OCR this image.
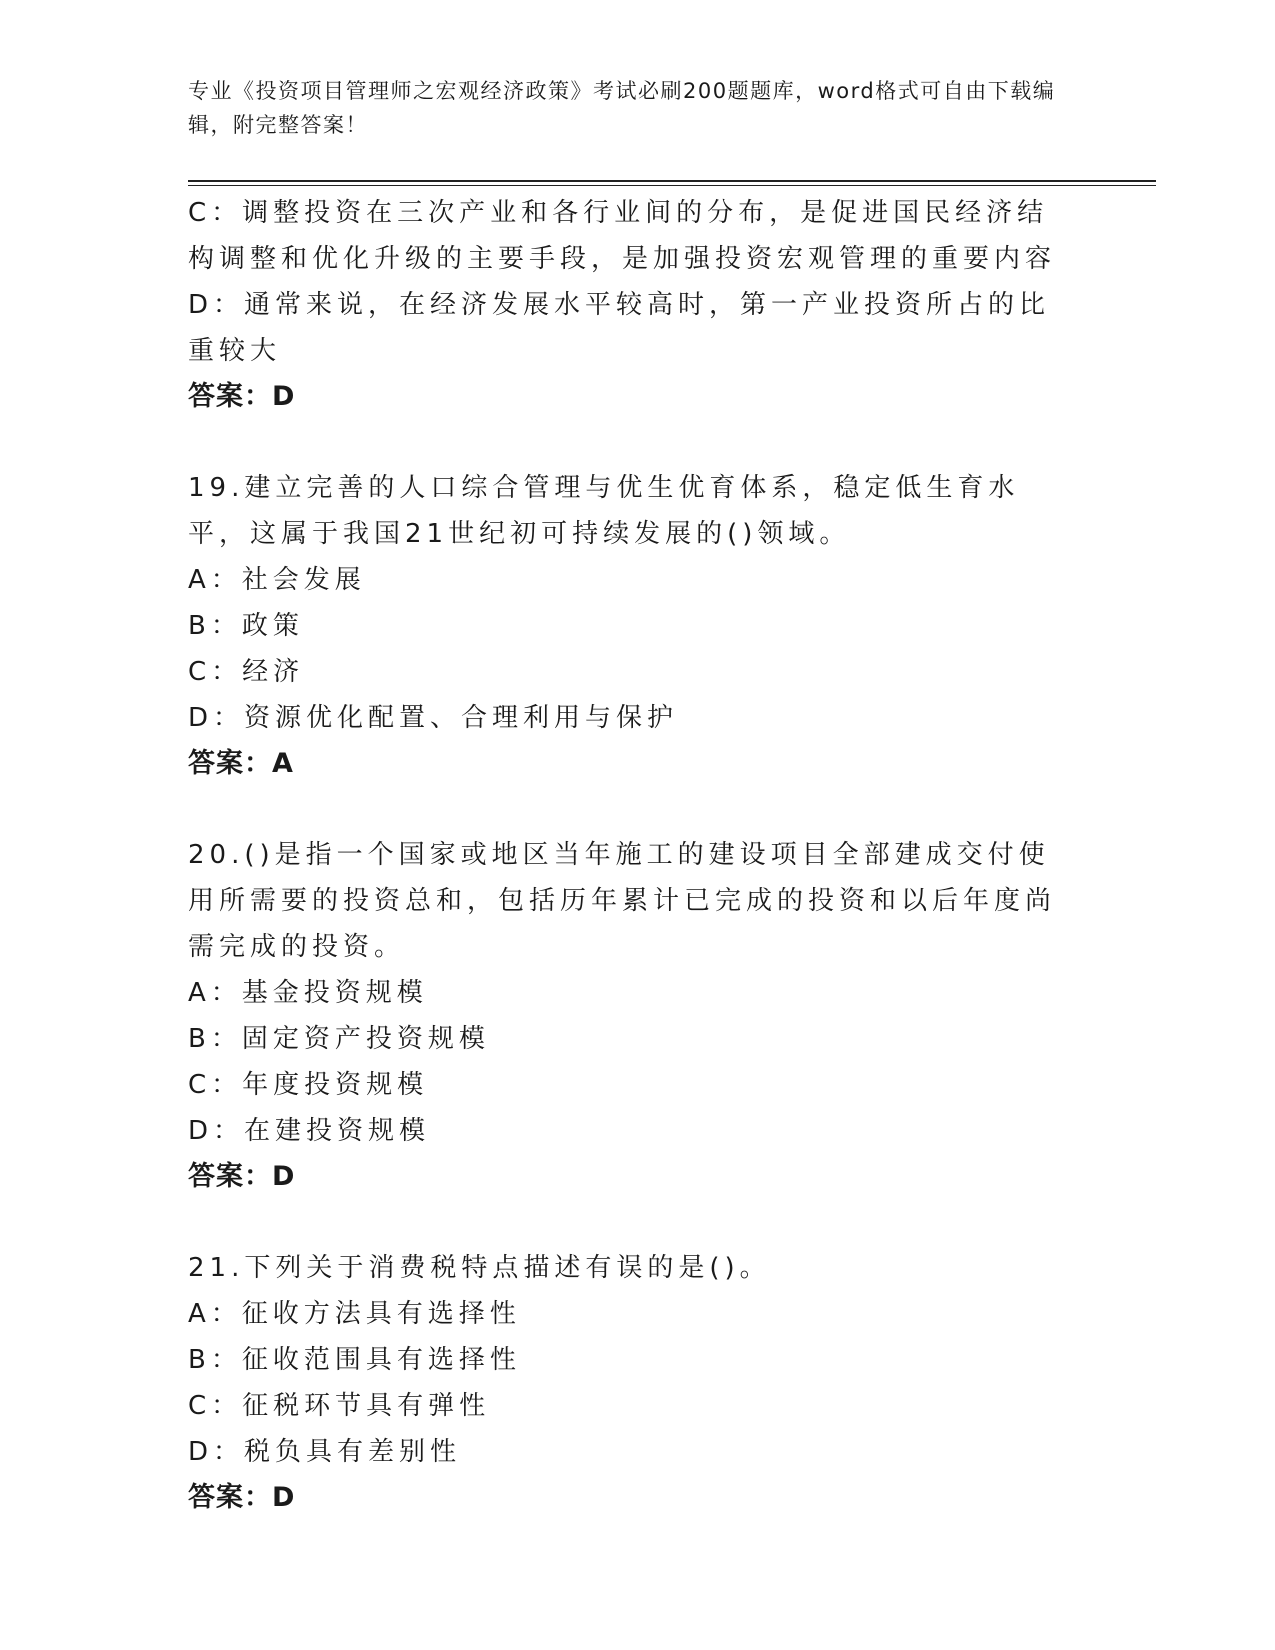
专业《投资项目管理师之宏观经济政策》考试必刷200题题库，word格式可自由下载编辑，附完整答案！
C：调整投资在三次产业和各行业间的分布，是促进国民经济结构调整和优化升级的主要手段，是加强投资宏观管理的重要内容
D：通常来说，在经济发展水平较高时，第一产业投资所占的比重较大
答案：D
19.建立完善的人口综合管理与优生优育体系，稳定低生育水平，这属于我国21世纪初可持续发展的()领域。
A：社会发展
B：政策
C：经济
D：资源优化配置、合理利用与保护
答案：A
20.()是指一个国家或地区当年施工的建设项目全部建成交付使用所需要的投资总和，包括历年累计已完成的投资和以后年度尚需完成的投资。
A：基金投资规模
B：固定资产投资规模
C：年度投资规模
D：在建投资规模
答案：D
21.下列关于消费税特点描述有误的是()。
A：征收方法具有选择性
B：征收范围具有选择性
C：征税环节具有弹性
D：税负具有差别性
答案：D
